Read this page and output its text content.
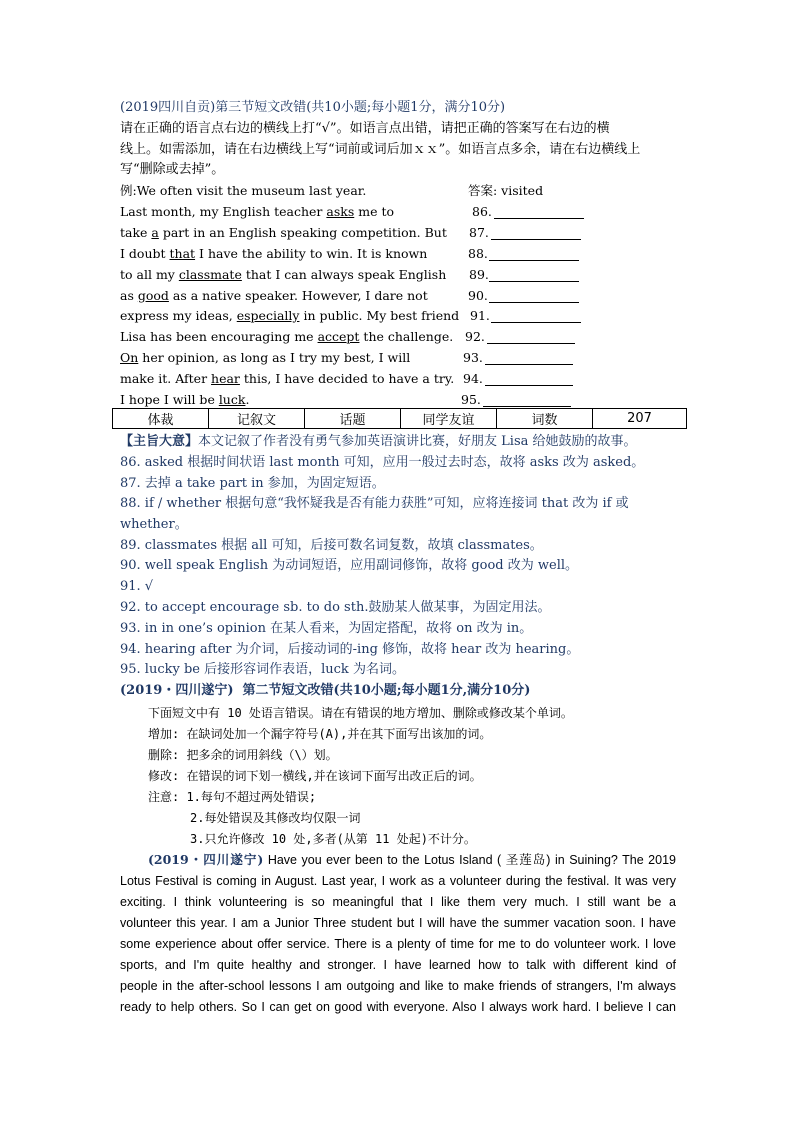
(2019四川自贡)第三节短文改错(共10小题;每小题1分，满分10分)
请在正确的语言点右边的横线上打“√”。如语言点出错，请把正确的答案写在右边的横
线上。如需添加，请在右边横线上写“词前或词后加ｘｘ”。如语言点多余，请在右边横线上
写“删除或去掉”。
例:We often visit the museum last year.	答案: visited
Last month, my English teacher asks me to	86.
take a part in an English speaking competition. But 87.
I doubt that I have the ability to win. It is known	88.
to all my classmate that I can always speak English 89.
as good as a native speaker. However, I dare not	90.
express my ideas, especially in public. My best friend 91.
Lisa has been encouraging me accept the challenge. 92.
On her opinion, as long as I try my best, I will	93.
make it. After hear this, I have decided to have a try. 94.
I hope I will be luck.	95.
体裁	记叙文	话题	同学友谊	词数	207
【主旨大意】本文记叙了作者没有勇气参加英语演讲比赛，好朋友 Lisa 给她鼓励的故事。
86. asked 根据时间状语 last month 可知，应用一般过去时态，故将 asks 改为 asked。
87. 去掉 a take part in 参加，为固定短语。
88. if / whether 根据句意“我怀疑我是否有能力获胜”可知，应将连接词 that 改为 if 或
whether。
89. classmates 根据 all 可知，后接可数名词复数，故填 classmates。
90. well speak English 为动词短语，应用副词修饰，故将 good 改为 well。
91. √
92. to accept encourage sb. to do sth.鼓励某人做某事，为固定用法。
93. in in one’s opinion 在某人看来，为固定搭配，故将 on 改为 in。
94. hearing after 为介词，后接动词的-ing 修饰，故将 hear 改为 hearing。
95. lucky be 后接形容词作表语，luck 为名词。
(2019・四川遂宁) 第二节短文改错(共10小题;每小题1分,满分10分)
下面短文中有 10 处语言错误。请在有错误的地方增加、删除或修改某个单词。
增加: 在缺词处加一个漏字符号(A),并在其下面写出该加的词。
删除: 把多余的词用斜线（\）划。
修改: 在错误的词下划一横线,并在该词下面写出改正后的词。
注意: 1.每句不超过两处错误;
2.每处错误及其修改均仅限一词
3.只允许修改 10 处,多者(从第 11 处起)不计分。
(2019・四川遂宁) Have you ever been to the Lotus Island ( 圣莲岛) in Suining? The 2019
Lotus Festival is coming in August. Last year, I work as a volunteer during the festival. It was very
exciting. I think volunteering is so meaningful that I like them very much. I still want be a
volunteer this year. I am a Junior Three student but I will have the summer vacation soon. I have
some experience about offer service. There is a plenty of time for me to do volunteer work. I love
sports, and I'm quite healthy and stronger. I have learned how to talk with different kind of
people in the after-school lessons I am outgoing and like to make friends of strangers, I'm always
ready to help others. So I can get on good with everyone. Also I always work hard. I believe I can
